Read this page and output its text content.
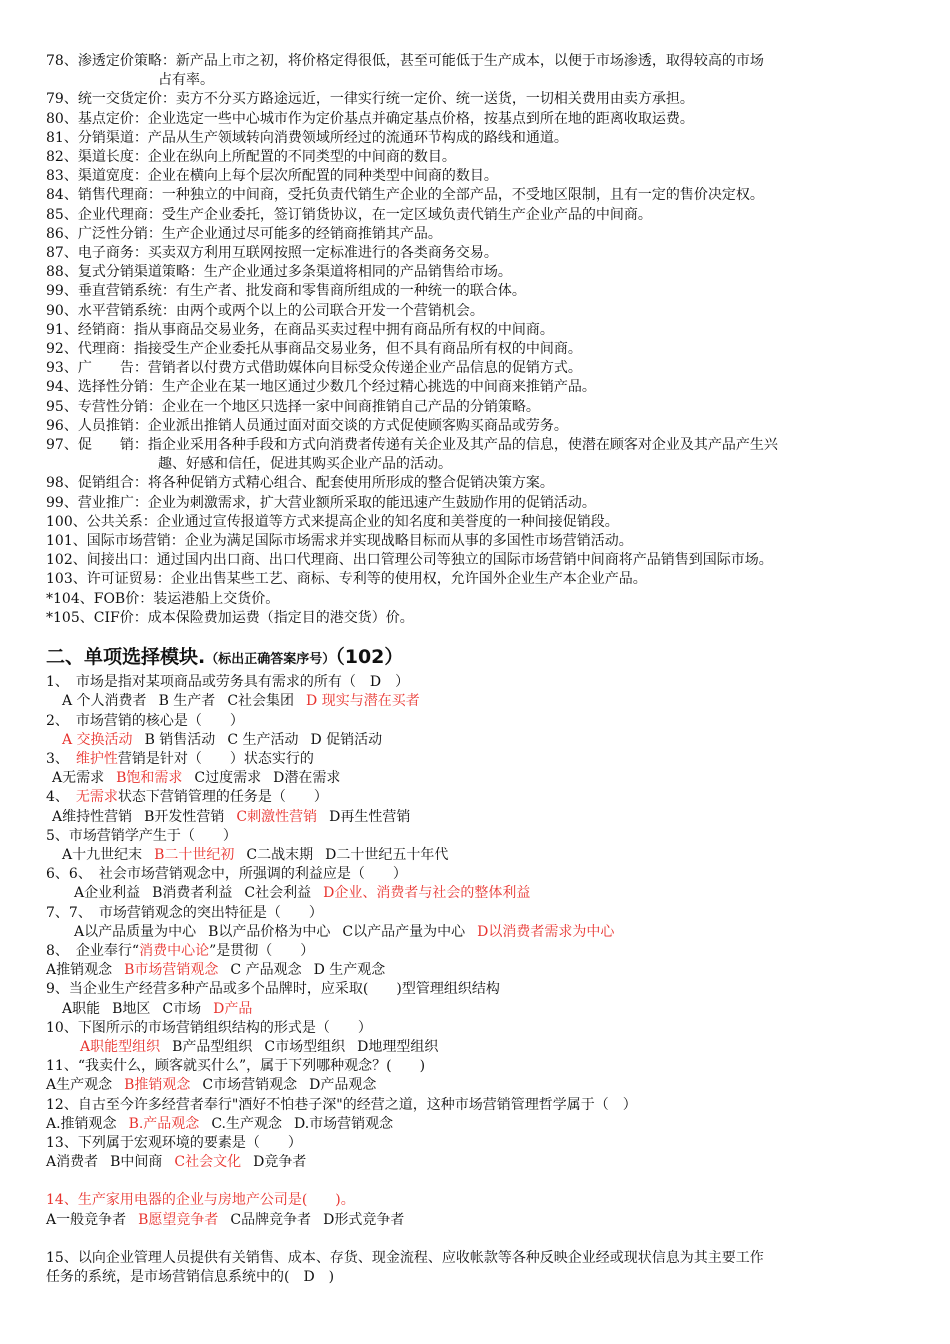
78、渗透定价策略：新产品上市之初，将价格定得很低，甚至可能低于生产成本，以便于市场渗透，取得较高的市场
占有率。
79、统一交货定价：卖方不分买方路途远近，一律实行统一定价、统一送货，一切相关费用由卖方承担。
80、基点定价：企业选定一些中心城市作为定价基点并确定基点价格，按基点到所在地的距离收取运费。
81、分销渠道：产品从生产领域转向消费领域所经过的流通环节构成的路线和通道。
82、渠道长度：企业在纵向上所配置的不同类型的中间商的数目。
83、渠道宽度：企业在横向上每个层次所配置的同种类型中间商的数目。
84、销售代理商：一种独立的中间商，受托负责代销生产企业的全部产品，不受地区限制，且有一定的售价决定权。
85、企业代理商：受生产企业委托，签订销货协议，在一定区域负责代销生产企业产品的中间商。
86、广泛性分销：生产企业通过尽可能多的经销商推销其产品。
87、电子商务：买卖双方利用互联网按照一定标准进行的各类商务交易。
88、复式分销渠道策略：生产企业通过多条渠道将相同的产品销售给市场。
99、垂直营销系统：有生产者、批发商和零售商所组成的一种统一的联合体。
90、水平营销系统：由两个或两个以上的公司联合开发一个营销机会。
91、经销商：指从事商品交易业务，在商品买卖过程中拥有商品所有权的中间商。
92、代理商：指接受生产企业委托从事商品交易业务，但不具有商品所有权的中间商。
93、广　　告：营销者以付费方式借助媒体向目标受众传递企业产品信息的促销方式。
94、选择性分销：生产企业在某一地区通过少数几个经过精心挑选的中间商来推销产品。
95、专营性分销：企业在一个地区只选择一家中间商推销自己产品的分销策略。
96、人员推销：企业派出推销人员通过面对面交谈的方式促使顾客购买商品或劳务。
97、促　　销：指企业采用各种手段和方式向消费者传递有关企业及其产品的信息，使潜在顾客对企业及其产品产生兴
趣、好感和信任，促进其购买企业产品的活动。
98、促销组合：将各种促销方式精心组合、配套使用所形成的整合促销决策方案。
99、营业推广：企业为刺激需求，扩大营业额所采取的能迅速产生鼓励作用的促销活动。
100、公共关系：企业通过宣传报道等方式来提高企业的知名度和美誉度的一种间接促销段。
101、国际市场营销：企业为满足国际市场需求并实现战略目标而从事的多国性市场营销活动。
102、间接出口：通过国内出口商、出口代理商、出口管理公司等独立的国际市场营销中间商将产品销售到国际市场。
103、许可证贸易：企业出售某些工艺、商标、专利等的使用权，允许国外企业生产本企业产品。
*104、FOB价：装运港船上交货价。
*105、CIF价：成本保险费加运费（指定目的港交货）价。
二、单项选择模块.（标出正确答案序号）（102）
1、　市场是指对某项商品或劳务具有需求的所有（　D　）
A 个人消费者 B 生产者 C社会集团 D 现实与潜在买者
2、　市场营销的核心是（　　）
A 交换活动 B 销售活动 C 生产活动 D 促销活动
3、　维护性营销是针对（　　）状态实行的
A无需求 B饱和需求 C过度需求 D潜在需求
4、　无需求状态下营销管理的任务是（　　）
A维持性营销 B开发性营销 C刺激性营销 D再生性营销
5、市场营销学产生于（　　）
A十九世纪末 B二十世纪初 C二战末期 D二十世纪五十年代
6、6、　社会市场营销观念中，所强调的利益应是（　　）
A企业利益 B消费者利益 C社会利益 D企业、消费者与社会的整体利益
7、7、　市场营销观念的突出特征是（　　）
A以产品质量为中心 B以产品价格为中心 C以产品产量为中心 D以消费者需求为中心
8、　企业奉行“消费中心论”是贯彻（　　）
A推销观念 B市场营销观念 C 产品观念 D 生产观念
9、当企业生产经营多种产品或多个品牌时，应采取(　　)型管理组织结构
A职能 B地区 C市场 D产品
10、下图所示的市场营销组织结构的形式是（　　）
A职能型组织 B产品型组织 C市场型组织 D地理型组织
11、“我卖什么，顾客就买什么”，属于下列哪种观念？(　　)
A生产观念 B推销观念 C市场营销观念 D产品观念
12、自古至今许多经营者奉行"酒好不怕巷子深"的经营之道，这种市场营销管理哲学属于（　）
A.推销观念 B.产品观念 C.生产观念 D.市场营销观念
13、下列属于宏观环境的要素是（　　）
A消费者 B中间商 C社会文化 D竞争者
14、生产家用电器的企业与房地产公司是(　　)。
A一般竞争者 B愿望竞争者 C品牌竞争者 D形式竞争者
15、以向企业管理人员提供有关销售、成本、存货、现金流程、应收帐款等各种反映企业经或现状信息为其主要工作
任务的系统，是市场营销信息系统中的(　D　)
